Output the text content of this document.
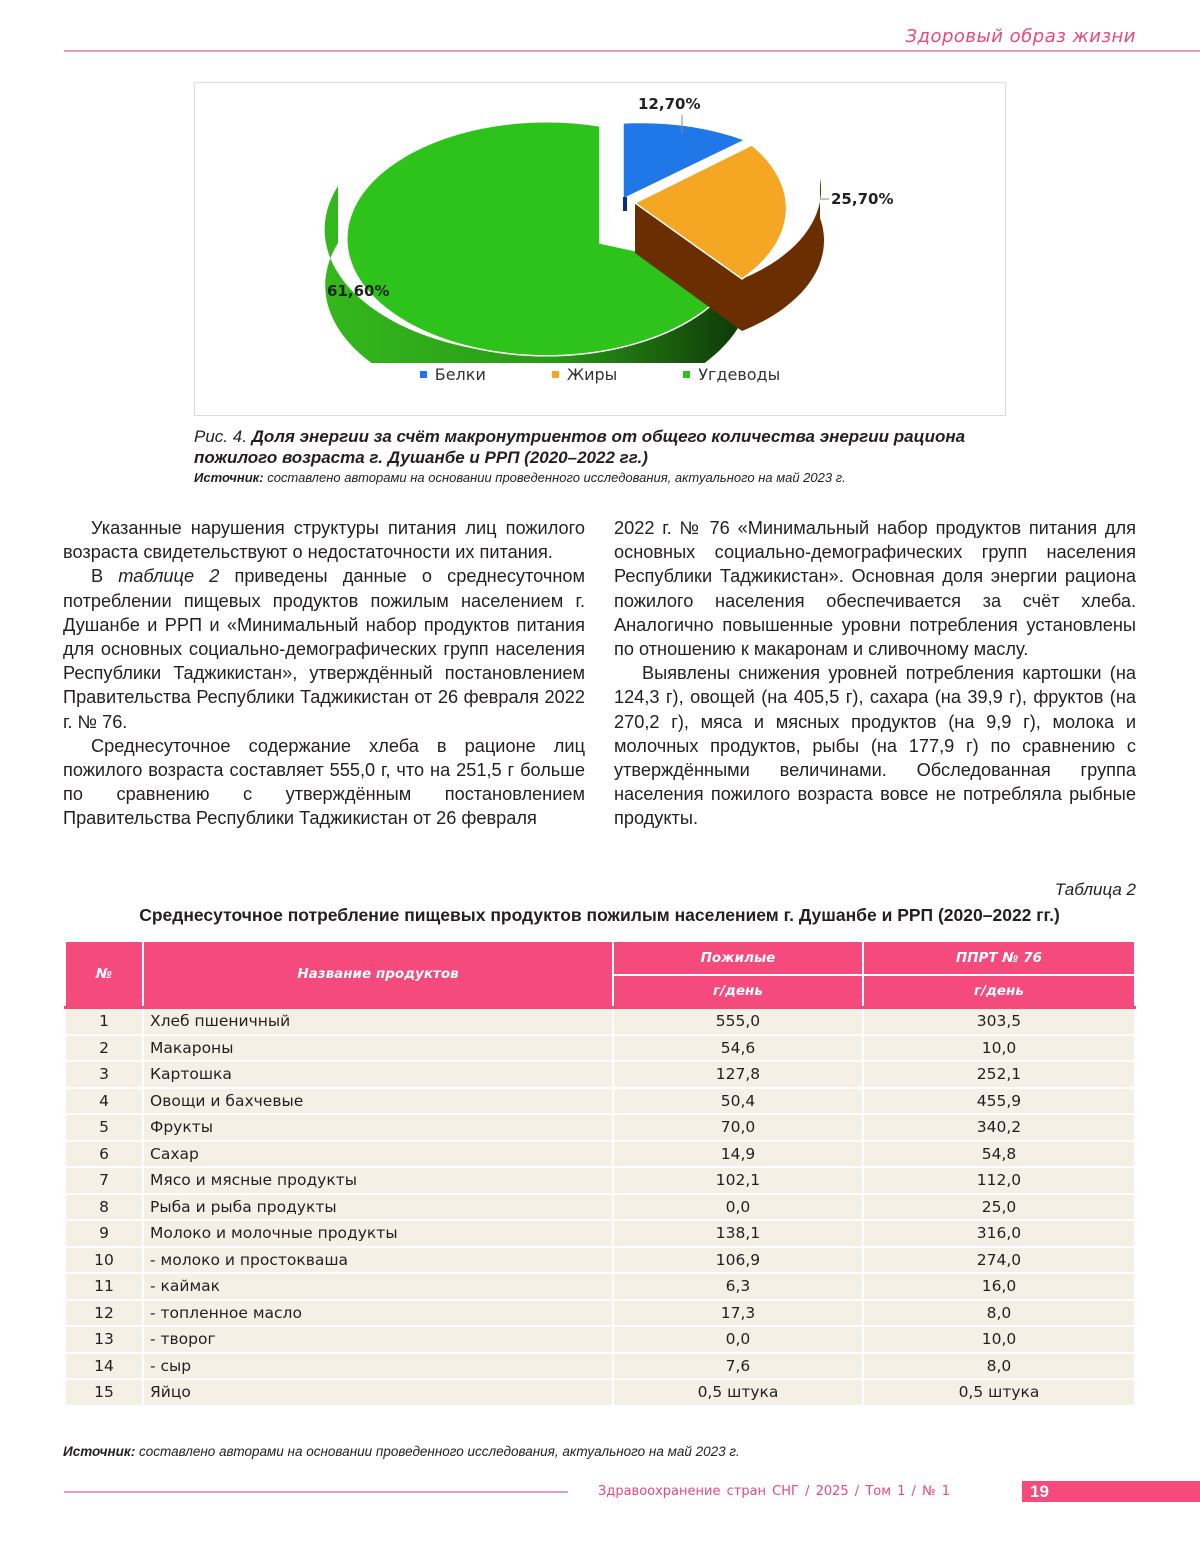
Здоровый образ жизни
12,70%
25,70%
61,60%
Белки	Жиры	Угдеводы
Рис. 4. Доля энергии за счёт макронутриентов от общего количества энергии рациона пожилого возраста г. Душанбе и РРП (2020–2022 гг.)
Источник: составлено авторами на основании проведенного исследования, актуального на май 2023 г.

Указанные нарушения структуры питания лиц пожилого возраста свидетельствуют о недостаточности их питания.

В таблице 2 приведены данные о среднесуточном потреблении пищевых продуктов пожилым населением г. Душанбе и РРП и «Минимальный набор продуктов питания для основных социально-демографических групп населения Республики Таджикистан», утверждённый постановлением Правительства Республики Таджикистан от 26 февраля 2022 г. № 76.

Среднесуточное содержание хлеба в рационе лиц пожилого возраста составляет 555,0 г, что на 251,5 г больше по сравнению с утверждённым постановлением Правительства Республики Таджикистан от 26 февраля

2022 г. № 76 «Минимальный набор продуктов питания для основных социально-демографических групп населения Республики Таджикистан». Основная доля энергии рациона пожилого населения обеспечивается за счёт хлеба. Аналогично повышенные уровни потребления установлены по отношению к макаронам и сливочному маслу.

Выявлены снижения уровней потребления картошки (на 124,3 г), овощей (на 405,5 г), сахара (на 39,9 г), фруктов (на 270,2 г), мяса и мясных продуктов (на 9,9 г), молока и молочных продуктов, рыбы (на 177,9 г) по сравнению с утверждёнными величинами. Обследованная группа населения пожилого возраста вовсе не потребляла рыбные продукты.

Таблица 2
Среднесуточное потребление пищевых продуктов пожилым населением г. Душанбе и РРП (2020–2022 гг.)
№	Название продуктов	Пожилые	ППРТ № 76
		г/день	г/день
1	Хлеб пшеничный	555,0	303,5
2	Макароны	54,6	10,0
3	Картошка	127,8	252,1
4	Овощи и бахчевые	50,4	455,9
5	Фрукты	70,0	340,2
6	Сахар	14,9	54,8
7	Мясо и мясные продукты	102,1	112,0
8	Рыба и рыба продукты	0,0	25,0
9	Молоко и молочные продукты	138,1	316,0
10	- молоко и простокваша	106,9	274,0
11	- каймак	6,3	16,0
12	- топленное масло	17,3	8,0
13	- творог	0,0	10,0
14	- сыр	7,6	8,0
15	Яйцо	0,5 штука	0,5 штука
Источник: составлено авторами на основании проведенного исследования, актуального на май 2023 г.
Здравоохранение стран СНГ / 2025 / Том 1 / № 1	19
